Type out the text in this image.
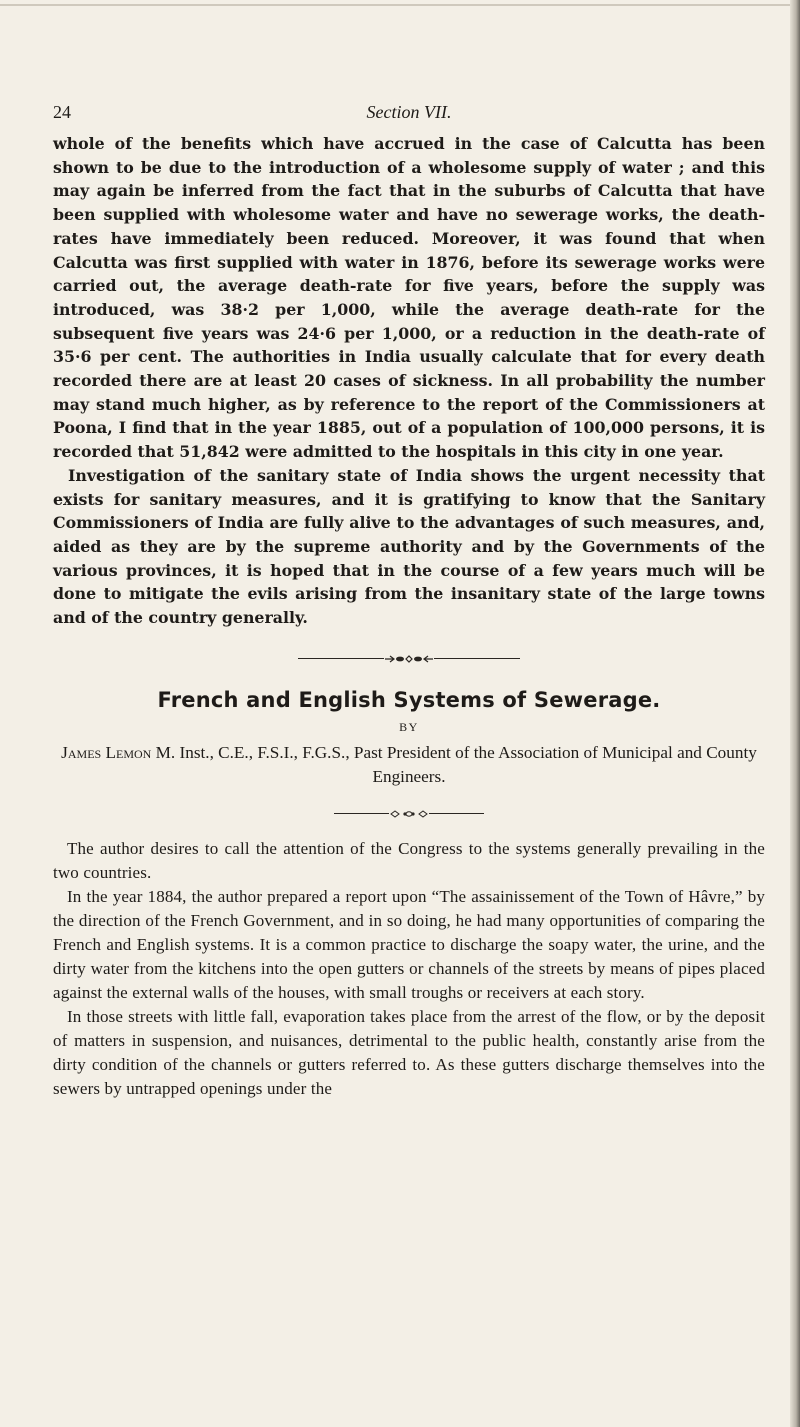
24	Section VII.

whole of the benefits which have accrued in the case of Calcutta has been shown to be due to the introduction of a wholesome supply of water ; and this may again be inferred from the fact that in the suburbs of Calcutta that have been supplied with wholesome water and have no sewerage works, the death-rates have immediately been reduced. Moreover, it was found that when Calcutta was first supplied with water in 1876, before its sewerage works were carried out, the average death-rate for five years, before the supply was introduced, was 38·2 per 1,000, while the average death-rate for the subsequent five years was 24·6 per 1,000, or a reduction in the death-rate of 35·6 per cent. The authorities in India usually calculate that for every death recorded there are at least 20 cases of sickness. In all probability the number may stand much higher, as by reference to the report of the Commissioners at Poona, I find that in the year 1885, out of a population of 100,000 persons, it is recorded that 51,842 were admitted to the hospitals in this city in one year.

Investigation of the sanitary state of India shows the urgent necessity that exists for sanitary measures, and it is gratifying to know that the Sanitary Commissioners of India are fully alive to the advantages of such measures, and, aided as they are by the supreme authority and by the Governments of the various provinces, it is hoped that in the course of a few years much will be done to mitigate the evils arising from the insanitary state of the large towns and of the country generally.

French and English Systems of Sewerage.
BY
James Lemon M. Inst., C.E., F.S.I., F.G.S., Past President of the Association of Municipal and County Engineers.

The author desires to call the attention of the Congress to the systems generally prevailing in the two countries.

In the year 1884, the author prepared a report upon “The assainissement of the Town of Hâvre,” by the direction of the French Government, and in so doing, he had many opportunities of comparing the French and English systems. It is a common practice to discharge the soapy water, the urine, and the dirty water from the kitchens into the open gutters or channels of the streets by means of pipes placed against the external walls of the houses, with small troughs or receivers at each story.

In those streets with little fall, evaporation takes place from the arrest of the flow, or by the deposit of matters in suspension, and nuisances, detrimental to the public health, constantly arise from the dirty condition of the channels or gutters referred to. As these gutters discharge themselves into the sewers by untrapped openings under the
